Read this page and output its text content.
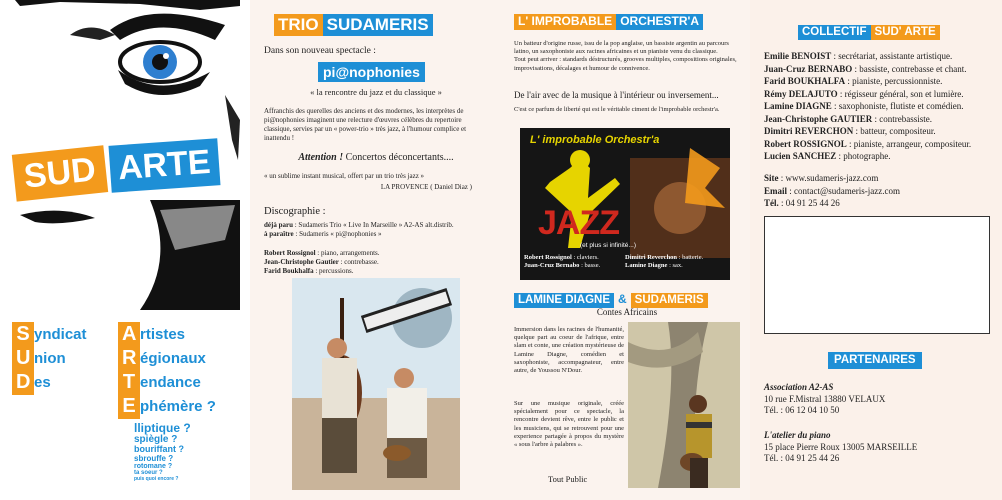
SUD ARTE
S yndicat
U nion
D es
A rtistes
R égionaux
T endance
E phémère ?
lliptique ?
spiègle ?
bouriffant ?
sbrouffe ?
rotomane ?
ta soeur ?
puis quoi encore ?
TRIO SUDAMERIS

Dans son nouveau spectacle :

pi@nophonies

« la rencontre du jazz et du classique »

Affranchis des querelles des anciens et des modernes, les interprètes de pi@nophonies imaginent une relecture d'œuvres célèbres du repertoire classique, servies par un « power-trio » très jazz, à l'humour complice et inattendu !

Attention ! Concertos déconcertants....

« un sublime instant musical, offert par un trio très jazz »

LA PROVENCE ( Daniel Diaz )

Discographie :

déjà paru : Sudameris Trio « Live In Marseille » A2-AS alt.distrib.
à paraître : Sudameris « pi@nophonies »
Robert Rossignol : piano, arrangements.
Jean-Christophe Gautier : contrebasse.
Farid Boukhalfa : percussions.
L' IMPROBABLE ORCHESTR'A

Un batteur d'origine russe, issu de la pop anglaise, un bassiste argentin au parcours latino, un saxophoniste aux racines africaines et un pianiste venu du classique.
Tout peut arriver : standards déstructurés, grooves multiples, compositions originales, improvisations, décalages et humour de connivence.

De l'air avec de la musique à l'intérieur ou inversement...

C'est ce parfum de liberté qui est le véritable ciment de l'improbable orchestr'a.

L' improbable Orchestr'a
JAZZ
(et plus si infinité...)
Robert Rossignol : claviers.	Dimitri Reverchon : batterie.
Juan-Cruz Bernabo : basse.	Lamine Diagne : sax.
LAMINE DIAGNE & SUDAMERIS

Contes Africains

Immersion dans les racines de l'humanité, quelque part au coeur de l'afrique, entre slam et conte, une création mystérieuse de Lamine Diagne, comédien et saxophoniste, accompagnateur, entre autre, de Youssou N'Dour.

Sur une musique originale, créée spécialement pour ce spectacle, la rencontre devient rêve, entre le public et les musiciens, qui se retrouvent pour une experience partagée à propos du mystère « sous l'arbre à palabres ».

Tout Public

COLLECTIF SUD' ARTE
Emilie BENOIST : secrétariat, assistante artistique.
Juan-Cruz BERNABO : bassiste, contrebasse et chant.
Farid BOUKHALFA : pianiste, percussionniste.
Rémy DELAJUTO : régisseur général, son et lumière.
Lamine DIAGNE : saxophoniste, flutiste et comédien.
Jean-Christophe GAUTIER : contrebassiste.
Dimitri REVERCHON : batteur, compositeur.
Robert ROSSIGNOL : pianiste, arrangeur, compositeur.
Lucien SANCHEZ : photographe.
Site : www.sudameris-jazz.com
Email : contact@sudameris-jazz.com
Tél. : 04 91 25 44 26
PARTENAIRES
Association A2-AS
10 rue F.Mistral 13880 VELAUX
Tél. : 06 12 04 10 50
L'atelier du piano
15 place Pierre Roux 13005 MARSEILLE
Tél. : 04 91 25 44 26
